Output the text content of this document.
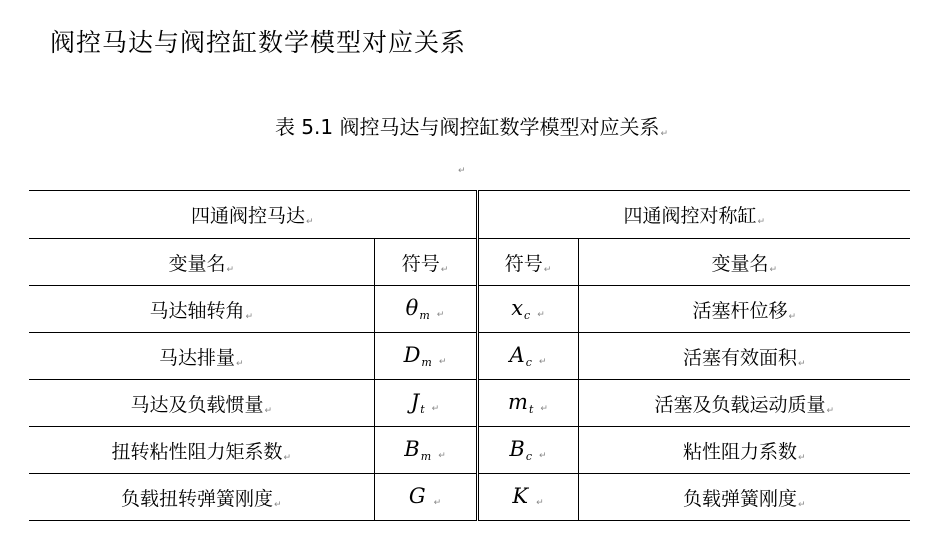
阀控马达与阀控缸数学模型对应关系
表 5.1 阀控马达与阀控缸数学模型对应关系↵
↵
四通阀控马达↵		四通阀控对称缸↵	
变量名↵	符号↵	符号↵	变量名↵
马达轴转角↵	$\theta_m$ ↵	$x_c$ ↵	活塞杆位移↵
马达排量↵	$D_m$ ↵	$A_c$ ↵	活塞有效面积↵
马达及负载惯量↵	$J_t$ ↵	$m_t$ ↵	活塞及负载运动质量↵
扭转粘性阻力矩系数↵	$B_m$ ↵	$B_c$ ↵	粘性阻力系数↵
负载扭转弹簧刚度↵	G ↵	K ↵	负载弹簧刚度↵
